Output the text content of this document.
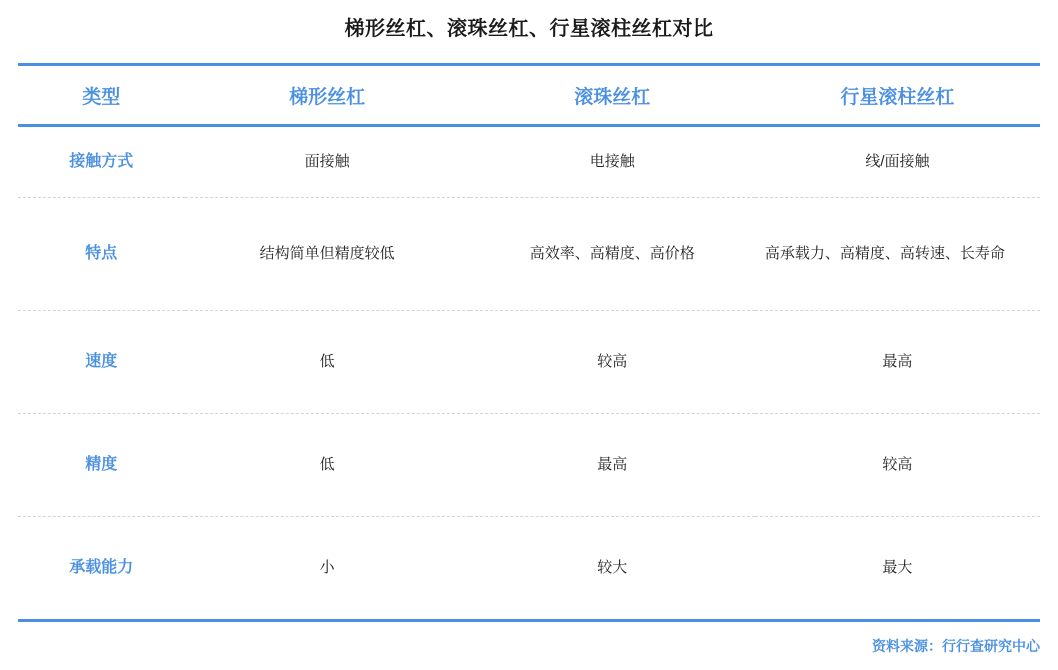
梯形丝杠、滚珠丝杠、行星滚柱丝杠对比
类型	梯形丝杠	滚珠丝杠	行星滚柱丝杠
接触方式	面接触	电接触	线/面接触
特点	结构简单但精度较低	高效率、高精度、高价格	高承载力、高精度、高转速、长寿命
速度	低	较高	最高
精度	低	最高	较高
承载能力	小	较大	最大
资料来源：行行查研究中心
